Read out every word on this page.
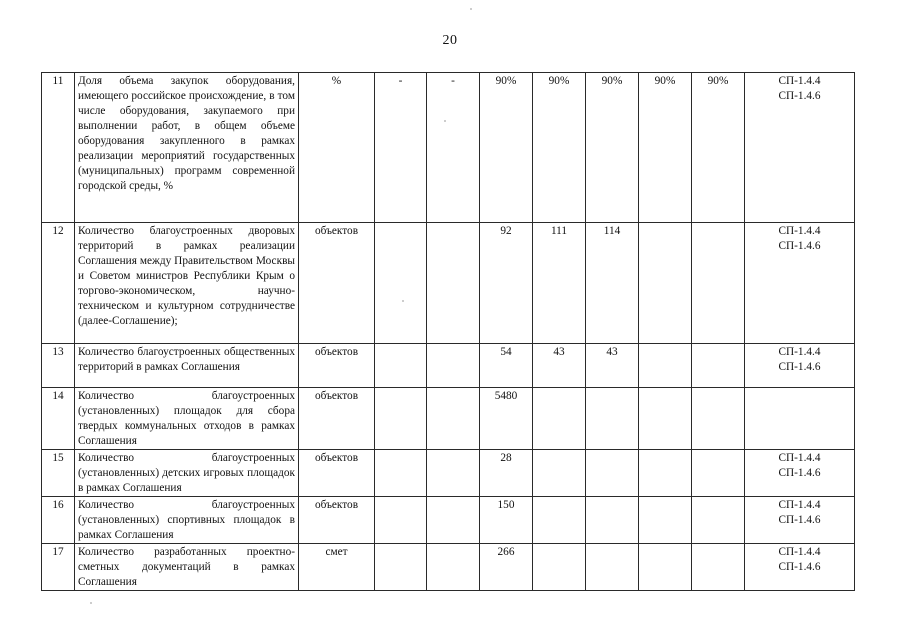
20
11	Доля объема закупок оборудования, имеющего российское происхождение, в том числе оборудования, закупаемого при выполнении работ, в общем объеме оборудования закупленного в рамках реализации мероприятий государственных (муниципальных) программ современной городской среды, %	%	-	-	90%	90%	90%	90%	90%	СП-1.4.4
СП-1.4.6

12	Количество благоустроенных дворовых территорий в рамках реализации Соглашения между Правительством Москвы и Советом министров Республики Крым о торгово-экономическом, научно-техническом и культурном сотрудничестве (далее-Соглашение);	объектов			92	111	114			СП-1.4.4
СП-1.4.6

13	Количество благоустроенных общественных территорий в рамках Соглашения	объектов			54	43	43			СП-1.4.4
СП-1.4.6

14	Количество благоустроенных (установленных) площадок для сбора твердых коммунальных отходов в рамках Соглашения	объектов			5480					
15	Количество благоустроенных (установленных) детских игровых площадок в рамках Соглашения	объектов			28					СП-1.4.4
СП-1.4.6

16	Количество благоустроенных (установленных) спортивных площадок в рамках Соглашения	объектов			150					СП-1.4.4
СП-1.4.6

17	Количество разработанных проектно-сметных документаций в рамках Соглашения	смет			266					СП-1.4.4
СП-1.4.6
